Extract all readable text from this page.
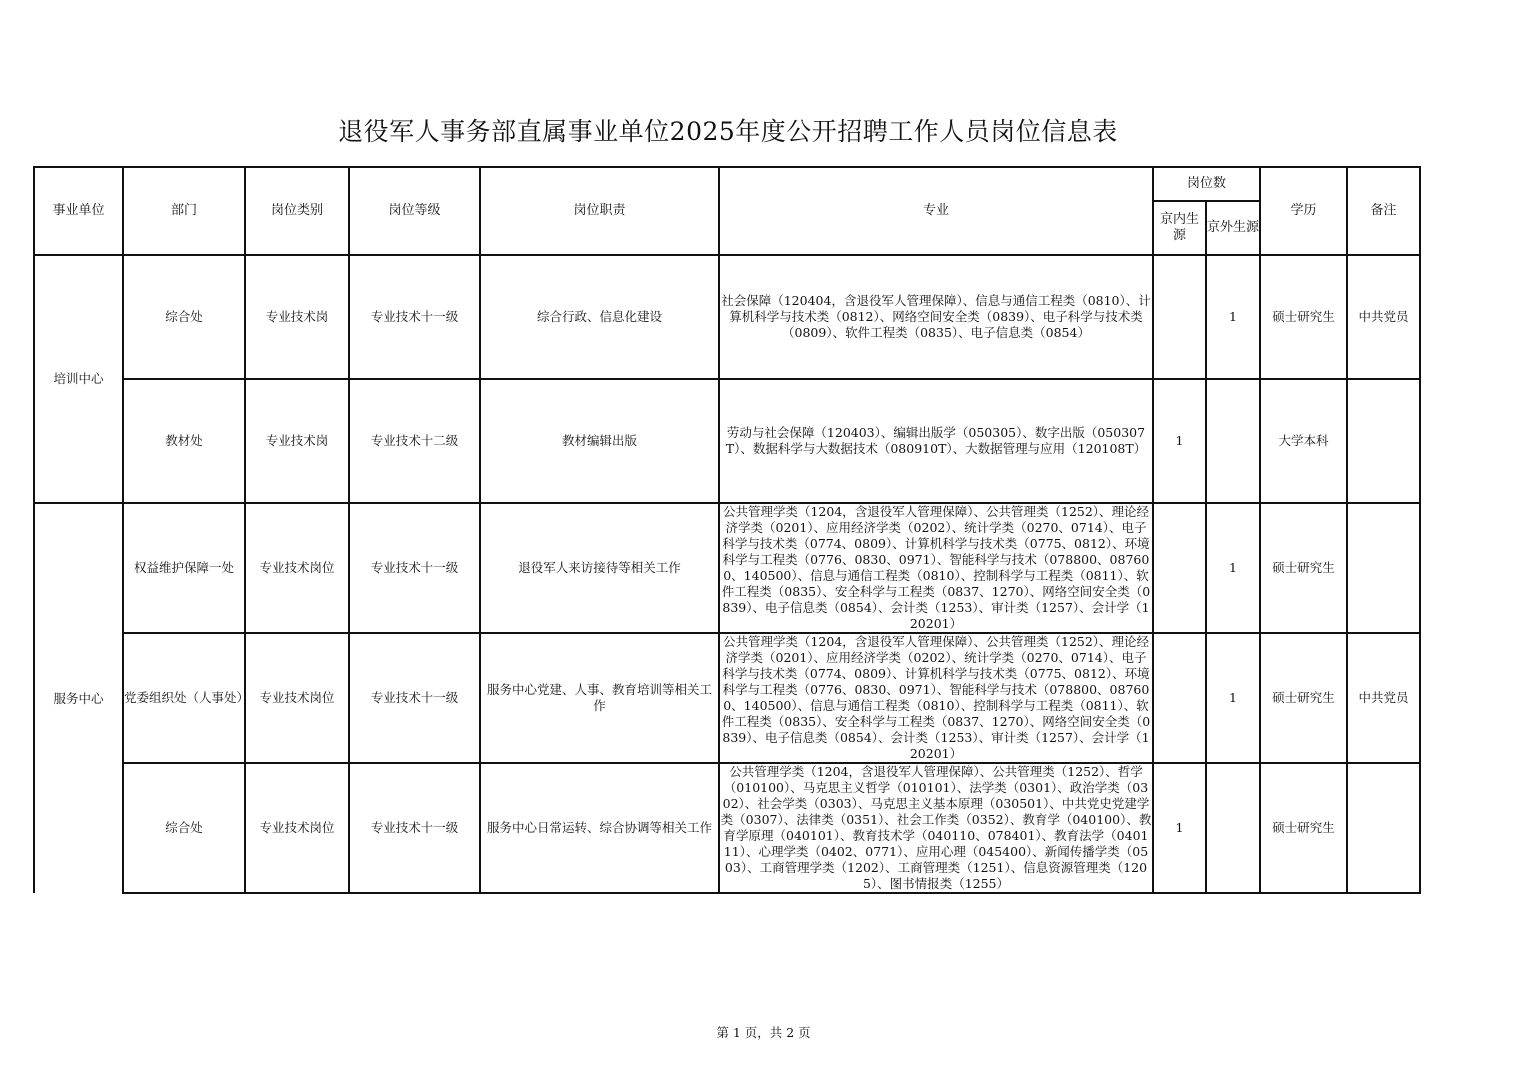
退役军人事务部直属事业单位2025年度公开招聘工作人员岗位信息表
事业单位	部门	岗位类别	岗位等级	岗位职责	专业	岗位数		学历	备注
						京内生源	京外生源		
培训中心	综合处	专业技术岗	专业技术十一级	综合行政、信息化建设	社会保障（120404，含退役军人管理保障）、信息与通信工程类（0810）、计算机科学与技术类（0812）、网络空间安全类（0839）、电子科学与技术类（0809）、软件工程类（0835）、电子信息类（0854）		1	硕士研究生	中共党员
	教材处	专业技术岗	专业技术十二级	教材编辑出版	劳动与社会保障（120403）、编辑出版学（050305）、数字出版（050307T）、数据科学与大数据技术（080910T）、大数据管理与应用（120108T）	1		大学本科	
服务中心	权益维护保障一处	专业技术岗位	专业技术十一级	退役军人来访接待等相关工作	公共管理学类（1204，含退役军人管理保障）、公共管理类（1252）、理论经济学类（0201）、应用经济学类（0202）、统计学类（0270、0714）、电子科学与技术类（0774、0809）、计算机科学与技术类（0775、0812）、环境科学与工程类（0776、0830、0971）、智能科学与技术（078800、087600、140500）、信息与通信工程类（0810）、控制科学与工程类（0811）、软件工程类（0835）、安全科学与工程类（0837、1270）、网络空间安全类（0839）、电子信息类（0854）、会计类（1253）、审计类（1257）、会计学（120201）		1	硕士研究生	
	党委组织处（人事处）	专业技术岗位	专业技术十一级	服务中心党建、人事、教育培训等相关工作	公共管理学类（1204，含退役军人管理保障）、公共管理类（1252）、理论经济学类（0201）、应用经济学类（0202）、统计学类（0270、0714）、电子科学与技术类（0774、0809）、计算机科学与技术类（0775、0812）、环境科学与工程类（0776、0830、0971）、智能科学与技术（078800、087600、140500）、信息与通信工程类（0810）、控制科学与工程类（0811）、软件工程类（0835）、安全科学与工程类（0837、1270）、网络空间安全类（0839）、电子信息类（0854）、会计类（1253）、审计类（1257）、会计学（120201）		1	硕士研究生	中共党员
	综合处	专业技术岗位	专业技术十一级	服务中心日常运转、综合协调等相关工作	公共管理学类（1204，含退役军人管理保障）、公共管理类（1252）、哲学（010100）、马克思主义哲学（010101）、法学类（0301）、政治学类（0302）、社会学类（0303）、马克思主义基本原理（030501）、中共党史党建学类（0307）、法律类（0351）、社会工作类（0352）、教育学（040100）、教育学原理（040101）、教育技术学（040110、078401）、教育法学（040111）、心理学类（0402、0771）、应用心理（045400）、新闻传播学类（0503）、工商管理学类（1202）、工商管理类（1251）、信息资源管理类（1205）、图书情报类（1255）	1		硕士研究生	
第 1 页，共 2 页
